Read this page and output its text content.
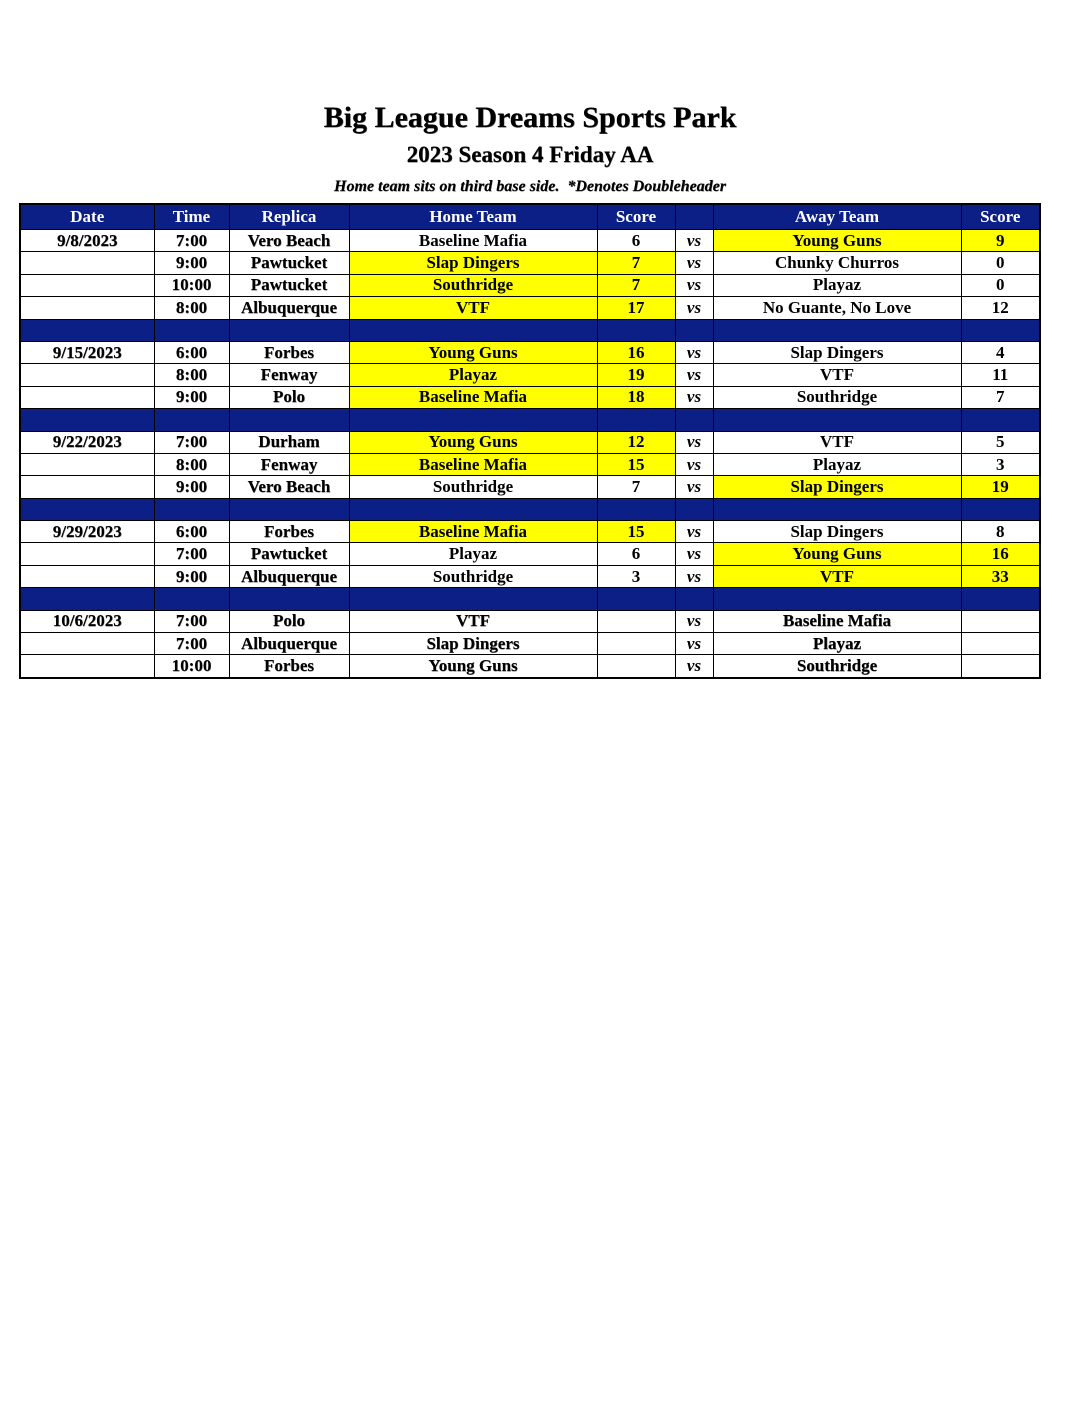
Big League Dreams Sports Park
2023 Season 4 Friday AA
Home team sits on third base side.  *Denotes Doubleheader
Date	Time	Replica	Home Team	Score		Away Team	Score
9/8/2023	7:00	Vero Beach	Baseline Mafia	6	vs	Young Guns	9
	9:00	Pawtucket	Slap Dingers	7	vs	Chunky Churros	0
	10:00	Pawtucket	Southridge	7	vs	Playaz	0
	8:00	Albuquerque	VTF	17	vs	No Guante, No Love	12

9/15/2023	6:00	Forbes	Young Guns	16	vs	Slap Dingers	4
	8:00	Fenway	Playaz	19	vs	VTF	11
	9:00	Polo	Baseline Mafia	18	vs	Southridge	7

9/22/2023	7:00	Durham	Young Guns	12	vs	VTF	5
	8:00	Fenway	Baseline Mafia	15	vs	Playaz	3
	9:00	Vero Beach	Southridge	7	vs	Slap Dingers	19

9/29/2023	6:00	Forbes	Baseline Mafia	15	vs	Slap Dingers	8
	7:00	Pawtucket	Playaz	6	vs	Young Guns	16
	9:00	Albuquerque	Southridge	3	vs	VTF	33

10/6/2023	7:00	Polo	VTF		vs	Baseline Mafia	
	7:00	Albuquerque	Slap Dingers		vs	Playaz	
	10:00	Forbes	Young Guns		vs	Southridge	
